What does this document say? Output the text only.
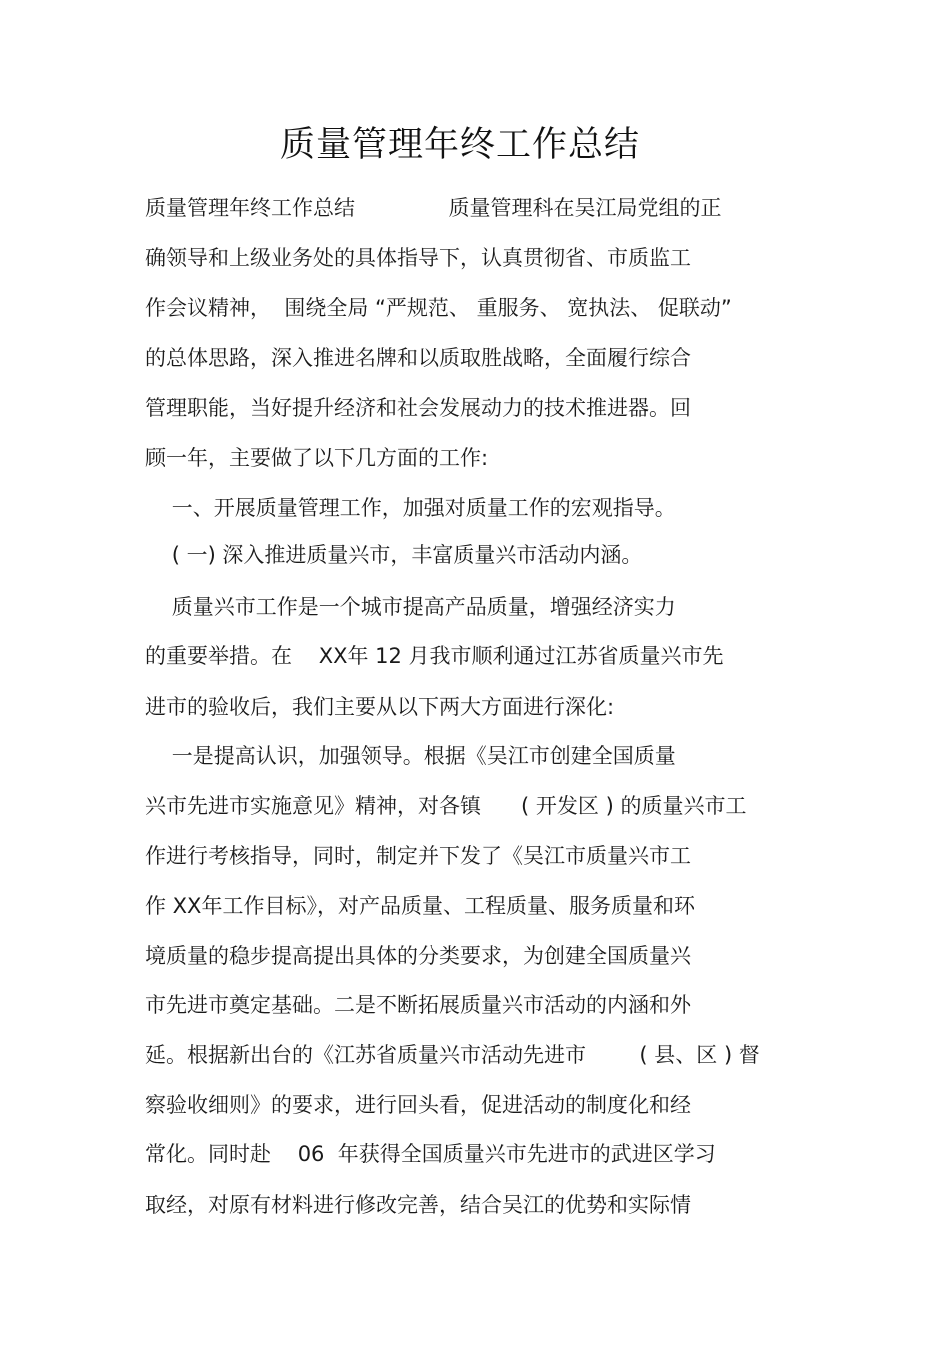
质量管理年终工作总结
质量管理年终工作总结              质量管理科在吴江局党组的正
确领导和上级业务处的具体指导下，认真贯彻省、市质监工
作会议精神，  围绕全局 “严规范、 重服务、 宽执法、 促联动”
的总体思路，深入推进名牌和以质取胜战略，全面履行综合
管理职能，当好提升经济和社会发展动力的技术推进器。回
顾一年，主要做了以下几方面的工作:
一、开展质量管理工作，加强对质量工作的宏观指导。
( 一) 深入推进质量兴市，丰富质量兴市活动内涵。
质量兴市工作是一个城市提高产品质量，增强经济实力
的重要举措。在    XX年 12 月我市顺利通过江苏省质量兴市先
进市的验收后，我们主要从以下两大方面进行深化:
一是提高认识，加强领导。根据《吴江市创建全国质量
兴市先进市实施意见》精神，对各镇      ( 开发区 ) 的质量兴市工
作进行考核指导，同时，制定并下发了《吴江市质量兴市工
作 XX年工作目标》，对产品质量、工程质量、服务质量和环
境质量的稳步提高提出具体的分类要求，为创建全国质量兴
市先进市奠定基础。二是不断拓展质量兴市活动的内涵和外
延。根据新出台的《江苏省质量兴市活动先进市        ( 县、区 ) 督
察验收细则》的要求，进行回头看，促进活动的制度化和经
常化。同时赴    06  年获得全国质量兴市先进市的武进区学习
取经，对原有材料进行修改完善，结合吴江的优势和实际情
